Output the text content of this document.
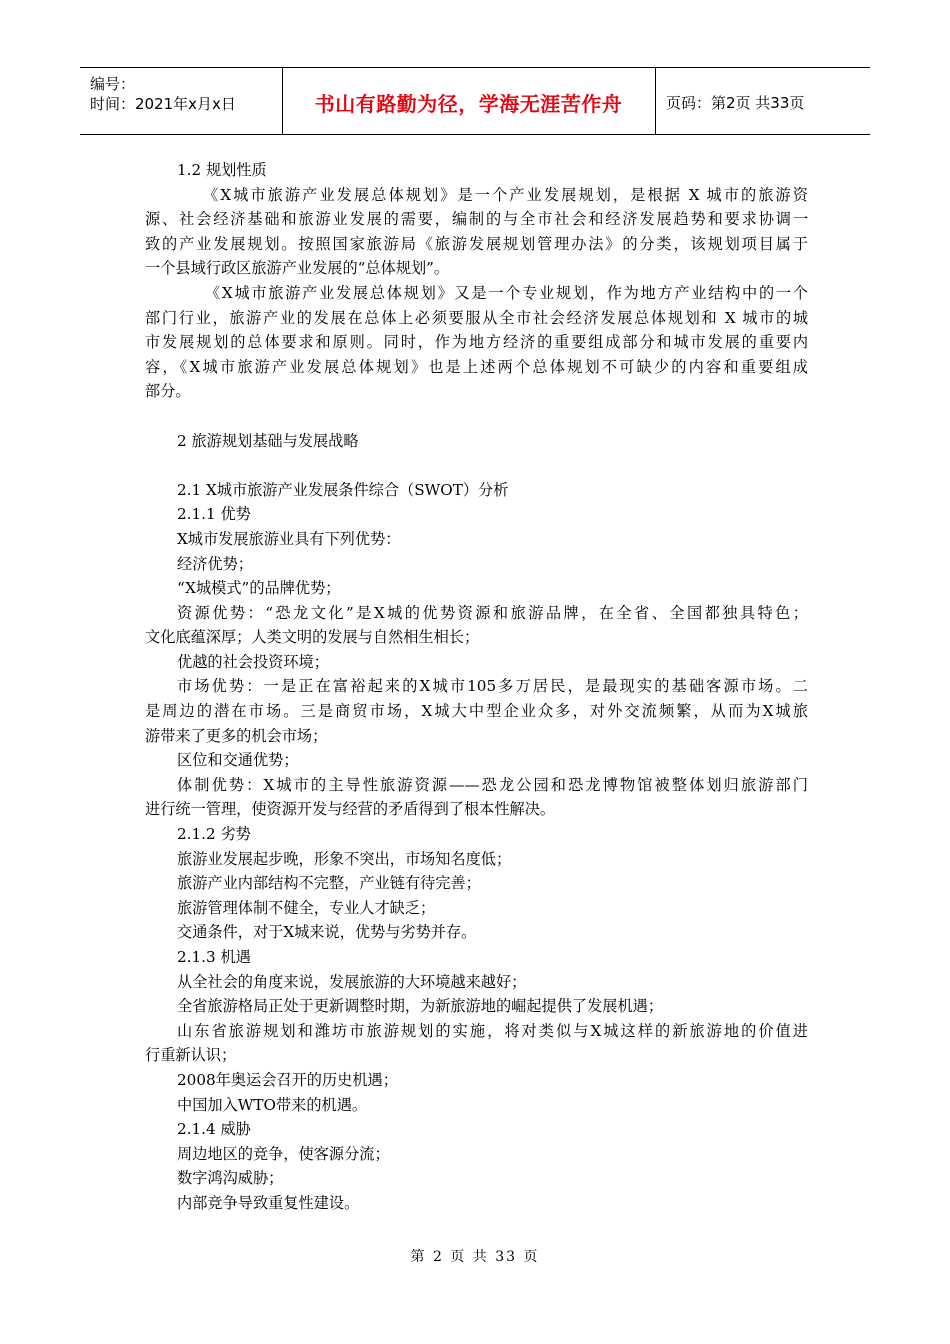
编号：
时间：2021年x月x日	书山有路勤为径，学海无涯苦作舟	页码：第2页 共33页
1.2 规划性质
《X城市旅游产业发展总体规划》是一个产业发展规划，是根据 X 城市的旅游资
源、社会经济基础和旅游业发展的需要，编制的与全市社会和经济发展趋势和要求协调一
致的产业发展规划。按照国家旅游局《旅游发展规划管理办法》的分类，该规划项目属于
一个县域行政区旅游产业发展的“总体规划”。
《X城市旅游产业发展总体规划》又是一个专业规划，作为地方产业结构中的一个
部门行业，旅游产业的发展在总体上必须要服从全市社会经济发展总体规划和 X 城市的城
市发展规划的总体要求和原则。同时，作为地方经济的重要组成部分和城市发展的重要内
容，《X城市旅游产业发展总体规划》也是上述两个总体规划不可缺少的内容和重要组成
部分。
2 旅游规划基础与发展战略
2.1 X城市旅游产业发展条件综合（SWOT）分析
2.1.1 优势
X城市发展旅游业具有下列优势：
经济优势；
“X城模式”的品牌优势；
资源优势：“恐龙文化”是X城的优势资源和旅游品牌，在全省、全国都独具特色；
文化底蕴深厚；人类文明的发展与自然相生相长；
优越的社会投资环境；
市场优势：一是正在富裕起来的X城市105多万居民，是最现实的基础客源市场。二
是周边的潜在市场。三是商贸市场，X城大中型企业众多，对外交流频繁，从而为X城旅
游带来了更多的机会市场；
区位和交通优势；
体制优势：X城市的主导性旅游资源——恐龙公园和恐龙博物馆被整体划归旅游部门
进行统一管理，使资源开发与经营的矛盾得到了根本性解决。
2.1.2 劣势
旅游业发展起步晚，形象不突出，市场知名度低；
旅游产业内部结构不完整，产业链有待完善；
旅游管理体制不健全，专业人才缺乏；
交通条件，对于X城来说，优势与劣势并存。
2.1.3 机遇
从全社会的角度来说，发展旅游的大环境越来越好；
全省旅游格局正处于更新调整时期，为新旅游地的崛起提供了发展机遇；
山东省旅游规划和潍坊市旅游规划的实施，将对类似与X城这样的新旅游地的价值进
行重新认识；
2008年奥运会召开的历史机遇；
中国加入WTO带来的机遇。
2.1.4 威胁
周边地区的竞争，使客源分流；
数字鸿沟威胁；
内部竞争导致重复性建设。
第 2 页 共 33 页
